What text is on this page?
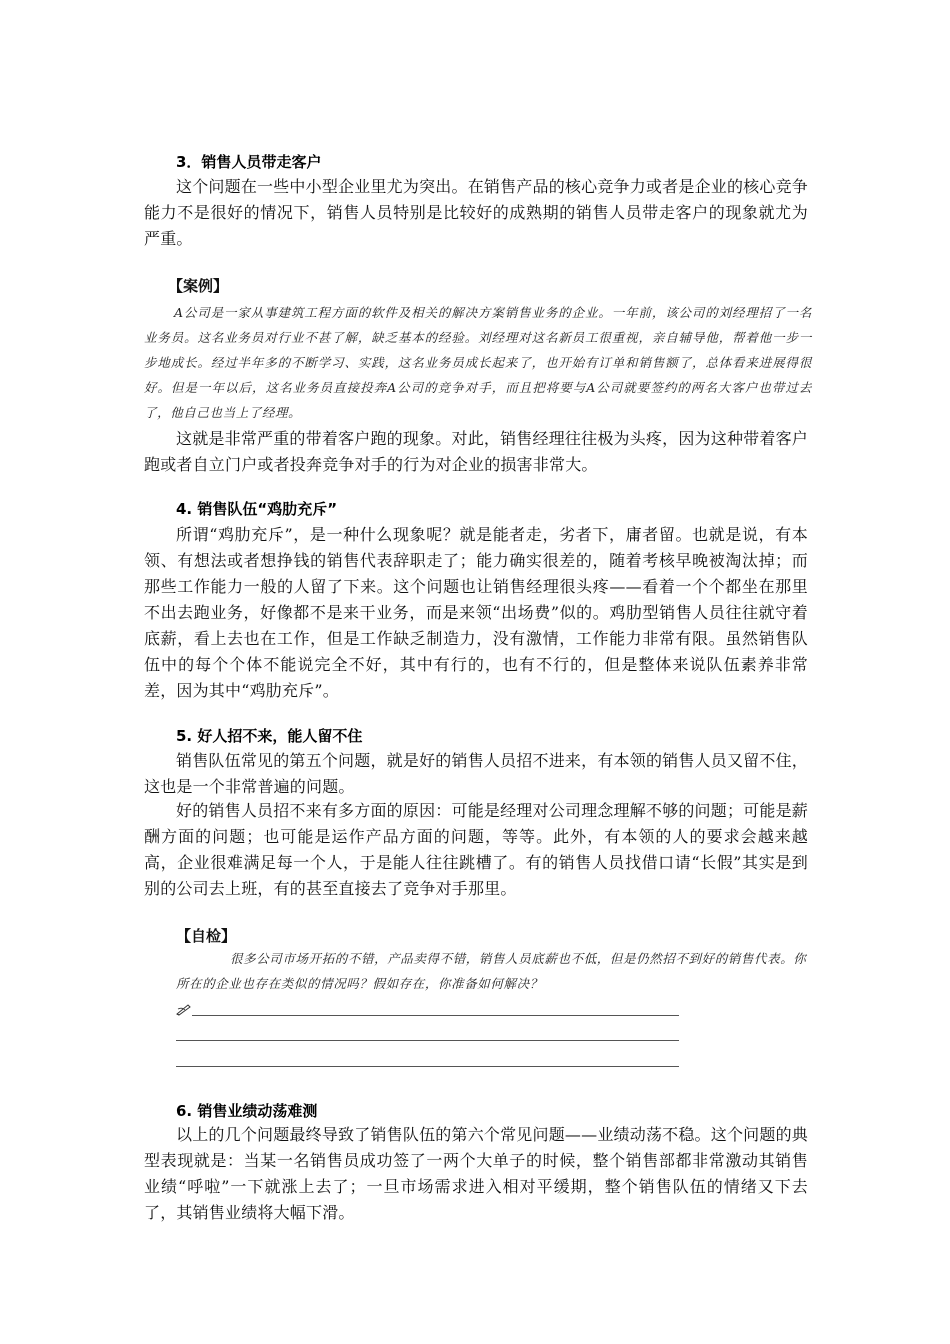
3．销售人员带走客户
这个问题在一些中小型企业里尤为突出。在销售产品的核心竞争力或者是企业的核心竞争能力不是很好的情况下，销售人员特别是比较好的成熟期的销售人员带走客户的现象就尤为严重。
【案例】
A公司是一家从事建筑工程方面的软件及相关的解决方案销售业务的企业。一年前，该公司的刘经理招了一名业务员。这名业务员对行业不甚了解，缺乏基本的经验。刘经理对这名新员工很重视，亲自辅导他，帮着他一步一步地成长。经过半年多的不断学习、实践，这名业务员成长起来了，也开始有订单和销售额了，总体看来进展得很好。但是一年以后，这名业务员直接投奔A公司的竞争对手，而且把将要与A公司就要签约的两名大客户也带过去了，他自己也当上了经理。
这就是非常严重的带着客户跑的现象。对此，销售经理往往极为头疼，因为这种带着客户跑或者自立门户或者投奔竞争对手的行为对企业的损害非常大。
4. 销售队伍“鸡肋充斥”
所谓“鸡肋充斥”，是一种什么现象呢？就是能者走，劣者下，庸者留。也就是说，有本领、有想法或者想挣钱的销售代表辞职走了；能力确实很差的，随着考核早晚被淘汰掉；而那些工作能力一般的人留了下来。这个问题也让销售经理很头疼——看着一个个都坐在那里不出去跑业务，好像都不是来干业务，而是来领“出场费”似的。鸡肋型销售人员往往就守着底薪，看上去也在工作，但是工作缺乏制造力，没有激情，工作能力非常有限。虽然销售队伍中的每个个体不能说完全不好，其中有行的，也有不行的，但是整体来说队伍素养非常差，因为其中“鸡肋充斥”。
5. 好人招不来，能人留不住
销售队伍常见的第五个问题，就是好的销售人员招不进来，有本领的销售人员又留不住，这也是一个非常普遍的问题。
好的销售人员招不来有多方面的原因：可能是经理对公司理念理解不够的问题；可能是薪酬方面的问题；也可能是运作产品方面的问题，等等。此外，有本领的人的要求会越来越高，企业很难满足每一个人，于是能人往往跳槽了。有的销售人员找借口请“长假”其实是到别的公司去上班，有的甚至直接去了竞争对手那里。
【自检】
很多公司市场开拓的不错，产品卖得不错，销售人员底薪也不低，但是仍然招不到好的销售代表。你所在的企业也存在类似的情况吗？假如存在，你准备如何解决？
6. 销售业绩动荡难测
以上的几个问题最终导致了销售队伍的第六个常见问题——业绩动荡不稳。这个问题的典型表现就是：当某一名销售员成功签了一两个大单子的时候，整个销售部都非常激动其销售业绩“呼啦”一下就涨上去了；一旦市场需求进入相对平缓期，整个销售队伍的情绪又下去了，其销售业绩将大幅下滑。
